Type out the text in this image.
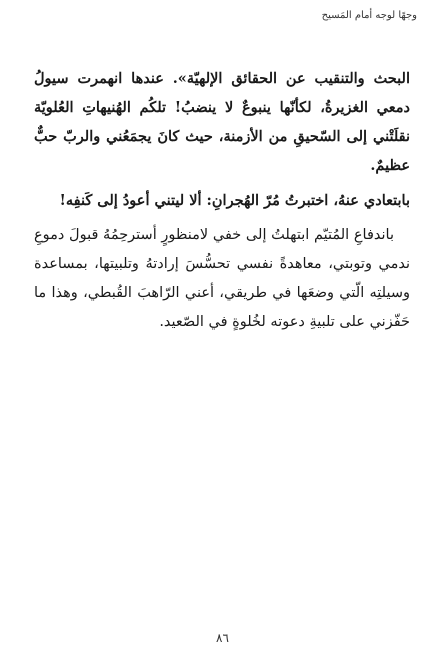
وجهًا لوجه أمام المَسيح

البحث والتنقيب عن الحقائق الإلهيّة». عندها انهمرت سيولُ دمعي الغزيرةُ، لكأنّها ينبوعٌ لا ينضبُ! تلكُم الهُنيهاتِ العُلويّة نقلَتْني إلى السّحيقِ من الأزمنة، حيث كانَ يجمَعُني والربّ حبٌّ عظيمٌ.

بابتعادي عنهُ، اختبرتُ مُرّ الهُجرانِ: ألا ليتني أعودُ إلى كَنفِه!

باندفاعِ المُتيّم ابتهلتُ إلى خفي لامنظورٍ أسترحِمُهُ قبولَ دموعِ ندمي وتوبتي، معاهدةً نفسي تحسُّسَ إرادتهُ وتلبيتها، بمساعدة وسيلتِه الّتي وضعَها في طريقي، أعني الرّاهبَ القُبطي، وهذا ما حَفّزني على تلبيةِ دعوته لخُلوةٍ في الصّعيد.

٨٦
